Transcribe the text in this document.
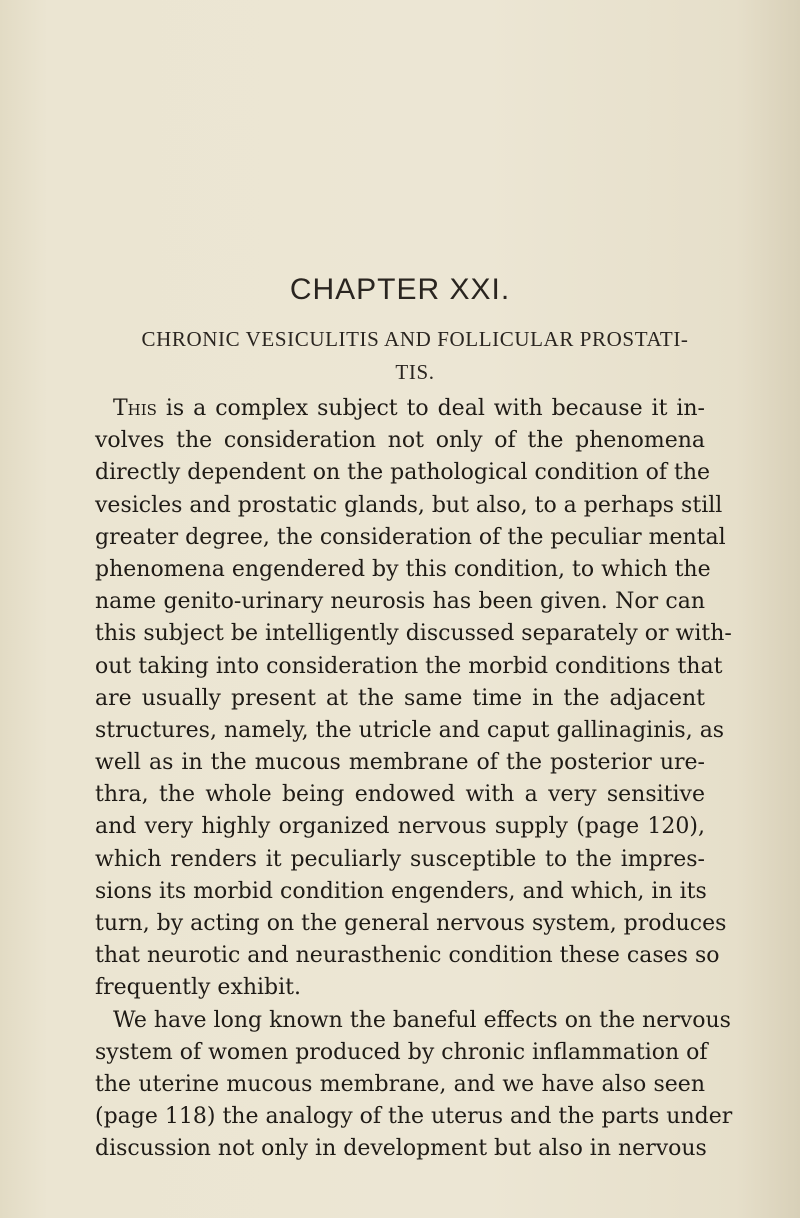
CHAPTER XXI.
CHRONIC VESICULITIS AND FOLLICULAR PROSTATI-
TIS.
This is a complex subject to deal with because it in-
volves the consideration not only of the phenomena
directly dependent on the pathological condition of the
vesicles and prostatic glands, but also, to a perhaps still
greater degree, the consideration of the peculiar mental
phenomena engendered by this condition, to which the
name genito-urinary neurosis has been given. Nor can
this subject be intelligently discussed separately or with-
out taking into consideration the morbid conditions that
are usually present at the same time in the adjacent
structures, namely, the utricle and caput gallinaginis, as
well as in the mucous membrane of the posterior ure-
thra, the whole being endowed with a very sensitive
and very highly organized nervous supply (page 120),
which renders it peculiarly susceptible to the impres-
sions its morbid condition engenders, and which, in its
turn, by acting on the general nervous system, produces
that neurotic and neurasthenic condition these cases so
frequently exhibit.
We have long known the baneful effects on the nervous
system of women produced by chronic inflammation of
the uterine mucous membrane, and we have also seen
(page 118) the analogy of the uterus and the parts under
discussion not only in development but also in nervous
